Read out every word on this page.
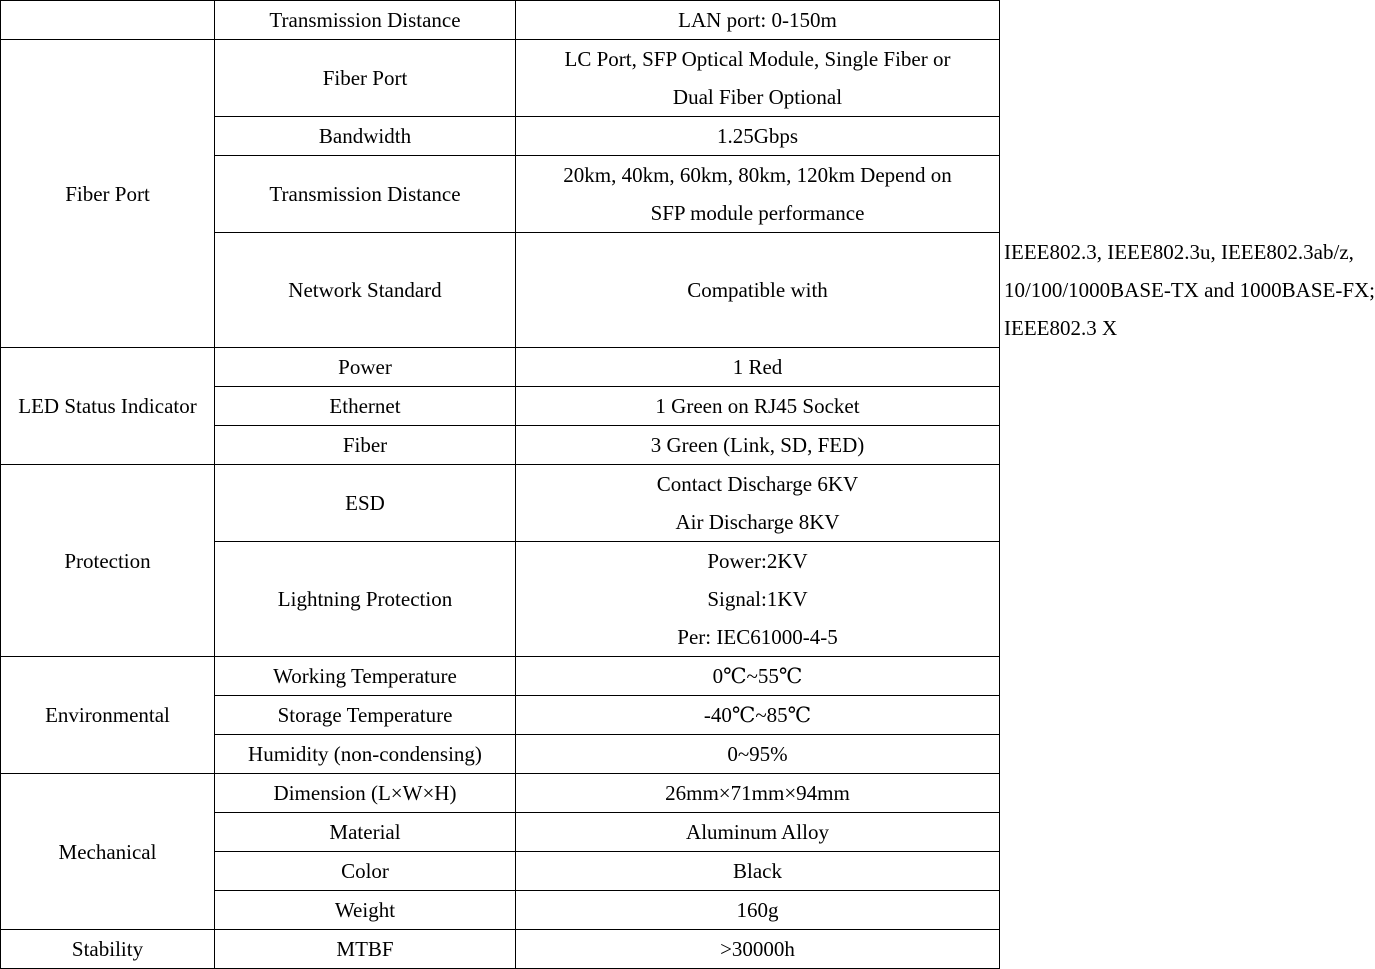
	Transmission Distance	LAN port: 0-150m	
Fiber Port	Fiber Port	LC Port, SFP Optical Module, Single Fiber or
Dual Fiber Optional	

	Bandwidth	1.25Gbps	
	Transmission Distance	20km, 40km, 60km, 80km, 120km Depend on
SFP module performance	

	Network Standard	Compatible with	IEEE802.3, IEEE802.3u, IEEE802.3ab/z,
10/100/1000BASE-TX and 1000BASE-FX;
IEEE802.3 X

LED Status Indicator	Power	1 Red	
	Ethernet	1 Green on RJ45 Socket	
	Fiber	3 Green (Link, SD, FED)	
Protection	ESD	Contact Discharge 6KV
Air Discharge 8KV	

	Lightning Protection	Power:2KV
Signal:1KV
Per: IEC61000-4-5	

Environmental	Working Temperature	0℃~55℃	
	Storage Temperature	-40℃~85℃	
	Humidity (non-condensing)	0~95%	
Mechanical	Dimension (L×W×H)	26mm×71mm×94mm	
	Material	Aluminum Alloy	
	Color	Black	
	Weight	160g	
Stability	MTBF	>30000h	
